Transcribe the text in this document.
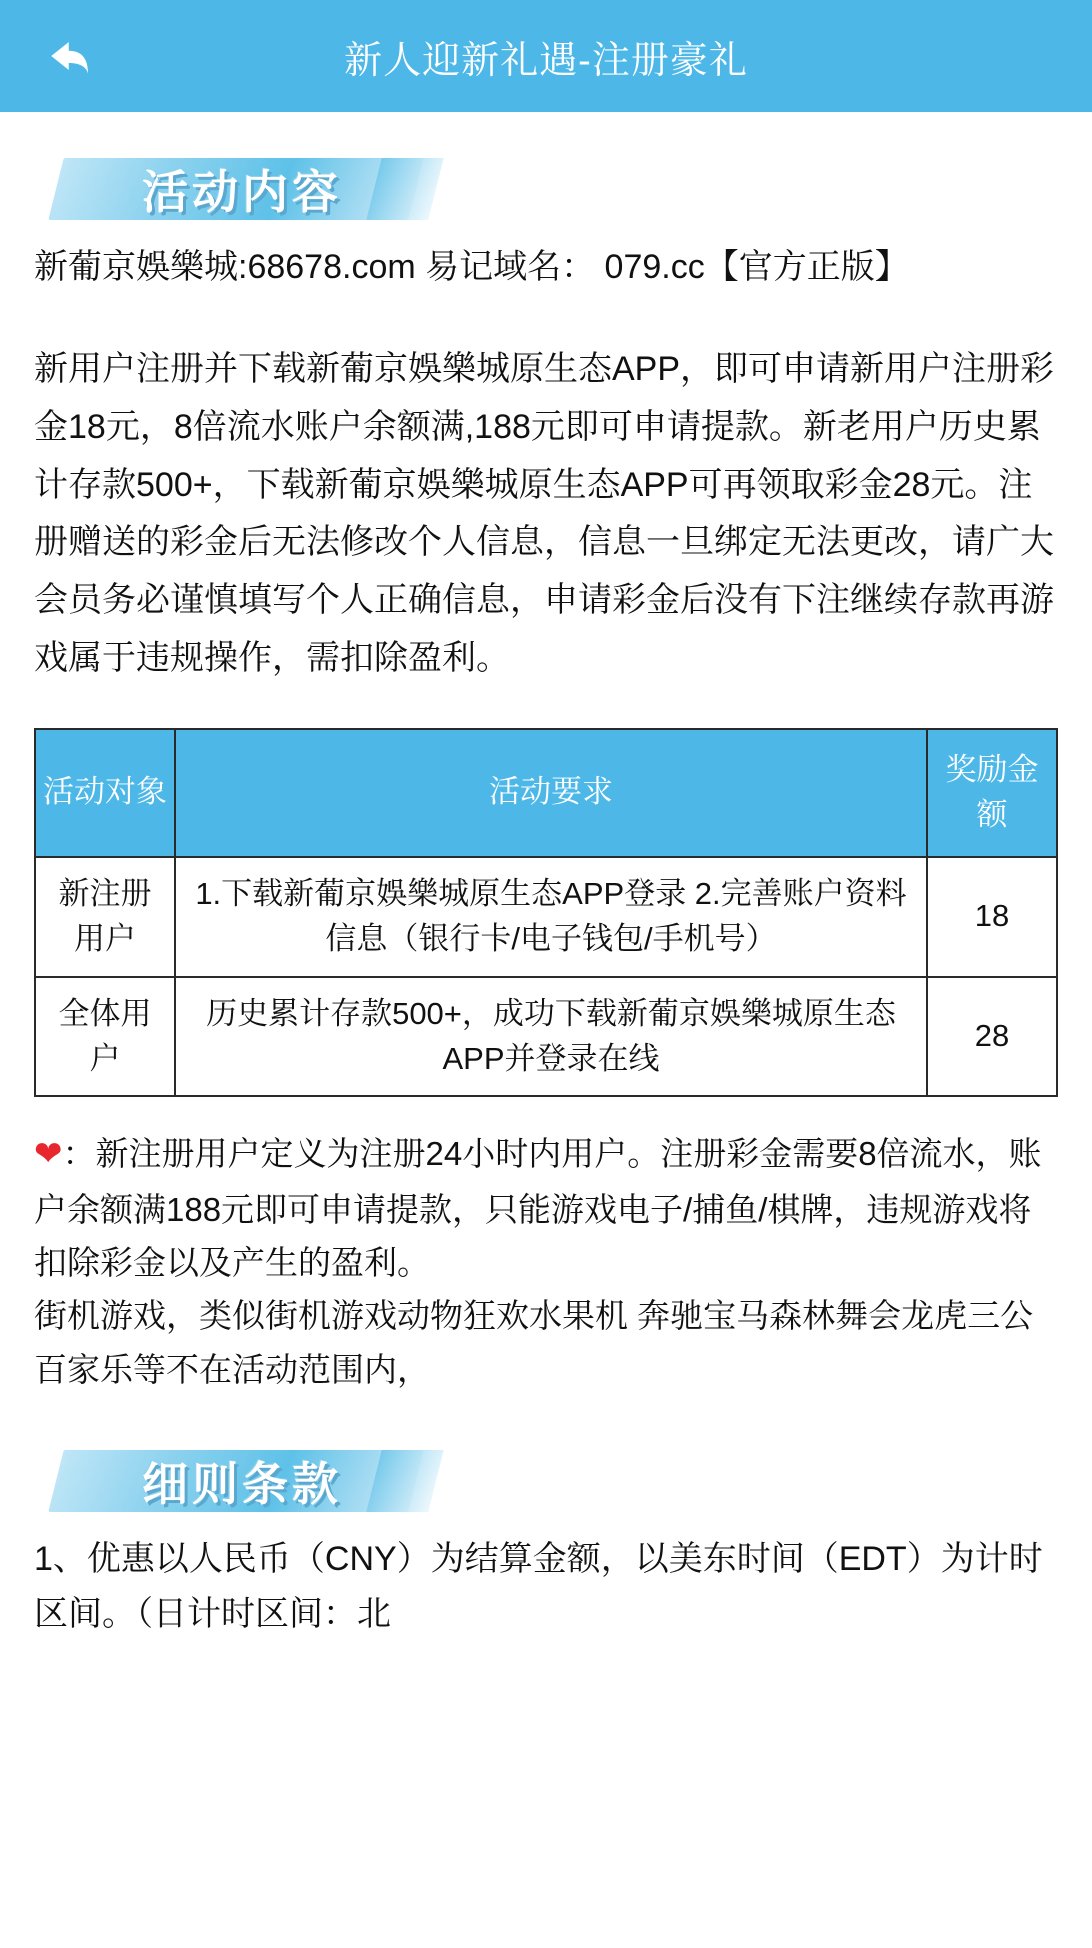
新人迎新礼遇-注册豪礼
活动内容

新葡京娛樂城:68678.com 易记域名： 079.cc【官方正版】

新用户注册并下载新葡京娛樂城原生态APP，即可申请新用户注册彩金18元，8倍流水账户余额满,188元即可申请提款。新老用户历史累计存款500+，下载新葡京娛樂城原生态APP可再领取彩金28元。注册赠送的彩金后无法修改个人信息，信息一旦绑定无法更改，请广大会员务必谨慎填写个人正确信息，申请彩金后没有下注继续存款再游戏属于违规操作，需扣除盈利。

活动对象	活动要求	奖励金额
新注册用户	1.下载新葡京娛樂城原生态APP登录 2.完善账户资料信息（银行卡/电子钱包/手机号）	18
全体用户	历史累计存款500+，成功下载新葡京娛樂城原生态APP并登录在线	28

❤：新注册用户定义为注册24小时内用户。注册彩金需要8倍流水，账户余额满188元即可申请提款，只能游戏电子/捕鱼/棋牌，违规游戏将扣除彩金以及产生的盈利。

街机游戏，类似街机游戏动物狂欢水果机 奔驰宝马森林舞会龙虎三公百家乐等不在活动范围内，

细则条款

1、优惠以人民币（CNY）为结算金额，以美东时间（EDT）为计时区间。（日计时区间：北
